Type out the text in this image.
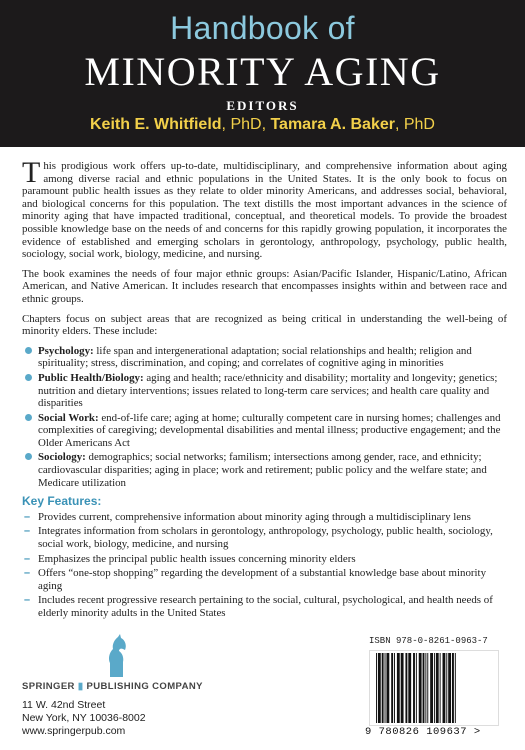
Handbook of
MINORITY AGING
EDITORS
Keith E. Whitfield, PhD, Tamara A. Baker, PhD

This prodigious work offers up-to-date, multidisciplinary, and comprehensive information about aging among diverse racial and ethnic populations in the United States. It is the only book to focus on paramount public health issues as they relate to older minority Americans, and addresses social, behavioral, and biological concerns for this population. The text distills the most important advances in the science of minority aging that have impacted traditional, conceptual, and theoretical models. To provide the broadest possible knowledge base on the needs of and concerns for this rapidly growing population, it incorporates the evidence of established and emerging scholars in gerontology, anthropology, psychology, public health, sociology, social work, biology, medicine, and nursing.

The book examines the needs of four major ethnic groups: Asian/Pacific Islander, Hispanic/Latino, African American, and Native American. It includes research that encompasses insights within and between race and ethnic groups.

Chapters focus on subject areas that are recognized as being critical in understanding the well-being of minority elders. These include:

Psychology: life span and intergenerational adaptation; social relationships and health; religion and spirituality; stress, discrimination, and coping; and correlates of cognitive aging in minorities
Public Health/Biology: aging and health; race/ethnicity and disability; mortality and longevity; genetics; nutrition and dietary interventions; issues related to long-term care services; and health care quality and disparities
Social Work: end-of-life care; aging at home; culturally competent care in nursing homes; challenges and complexities of caregiving; developmental disabilities and mental illness; productive engagement; and the Older Americans Act
Sociology: demographics; social networks; familism; intersections among gender, race, and ethnicity; cardiovascular disparities; aging in place; work and retirement; public policy and the welfare state; and Medicare utilization
Key Features:
– Provides current, comprehensive information about minority aging through a multidisciplinary lens
– Integrates information from scholars in gerontology, anthropology, psychology, public health, sociology, social work, biology, medicine, and nursing
– Emphasizes the principal public health issues concerning minority elders
– Offers “one-stop shopping” regarding the development of a substantial knowledge base about minority aging
– Includes recent progressive research pertaining to the social, cultural, psychological, and health needs of elderly minority adults in the United States
SPRINGER ▮ PUBLISHING COMPANY
11 W. 42nd Street
New York, NY 10036-8002
www.springerpub.com
ISBN 978-0-8261-0963-7
9 780826 109637 >
